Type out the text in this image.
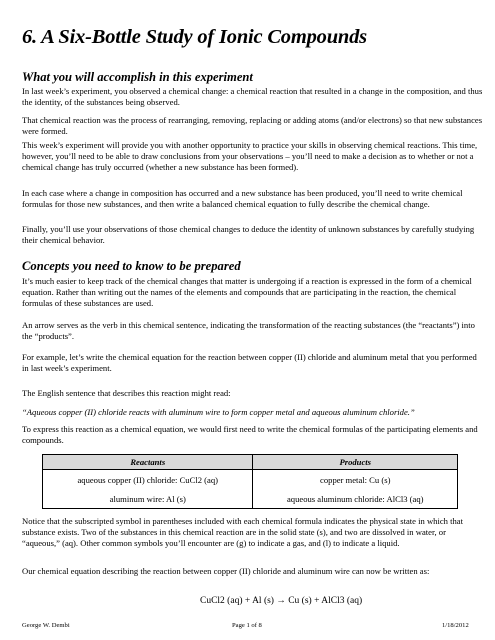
6. A Six-Bottle Study of Ionic Compounds
What you will accomplish in this experiment

In last week’s experiment, you observed a chemical change: a chemical reaction that resulted in a change in the composition, and thus the identity, of the substances being observed.

That chemical reaction was the process of rearranging, removing, replacing or adding atoms (and/or electrons) so that new substances were formed.

This week’s experiment will provide you with another opportunity to practice your skills in observing chemical reactions. This time, however, you’ll need to be able to draw conclusions from your observations – you’ll need to make a decision as to whether or not a chemical change has truly occurred (whether a new substance has been formed).

In each case where a change in composition has occurred and a new substance has been produced, you’ll need to write chemical formulas for those new substances, and then write a balanced chemical equation to fully describe the chemical change.

Finally, you’ll use your observations of those chemical changes to deduce the identity of unknown substances by carefully studying their chemical behavior.

Concepts you need to know to be prepared

It’s much easier to keep track of the chemical changes that matter is undergoing if a reaction is expressed in the form of a chemical equation. Rather than writing out the names of the elements and compounds that are participating in the reaction, the chemical formulas of these substances are used.

An arrow serves as the verb in this chemical sentence, indicating the transformation of the reacting substances (the “reactants”) into the “products”.

For example, let’s write the chemical equation for the reaction between copper (II) chloride and aluminum metal that you performed in last week’s experiment.

The English sentence that describes this reaction might read:

“Aqueous copper (II) chloride reacts with aluminum wire to form copper metal and aqueous aluminum chloride.”

To express this reaction as a chemical equation, we would first need to write the chemical formulas of the participating elements and compounds.

Reactants	Products
aqueous copper (II) chloride: CuCl2 (aq)	copper metal: Cu (s)
aluminum wire: Al (s)	aqueous aluminum chloride: AlCl3 (aq)

Notice that the subscripted symbol in parentheses included with each chemical formula indicates the physical state in which that substance exists. Two of the substances in this chemical reaction are in the solid state (s), and two are dissolved in water, or “aqueous,” (aq). Other common symbols you’ll encounter are (g) to indicate a gas, and (l) to indicate a liquid.

Our chemical equation describing the reaction between copper (II) chloride and aluminum wire can now be written as:

CuCl2 (aq) + Al (s) → Cu (s) + AlCl3 (aq)
George W. Dembi	Page 1 of 8	1/18/2012
